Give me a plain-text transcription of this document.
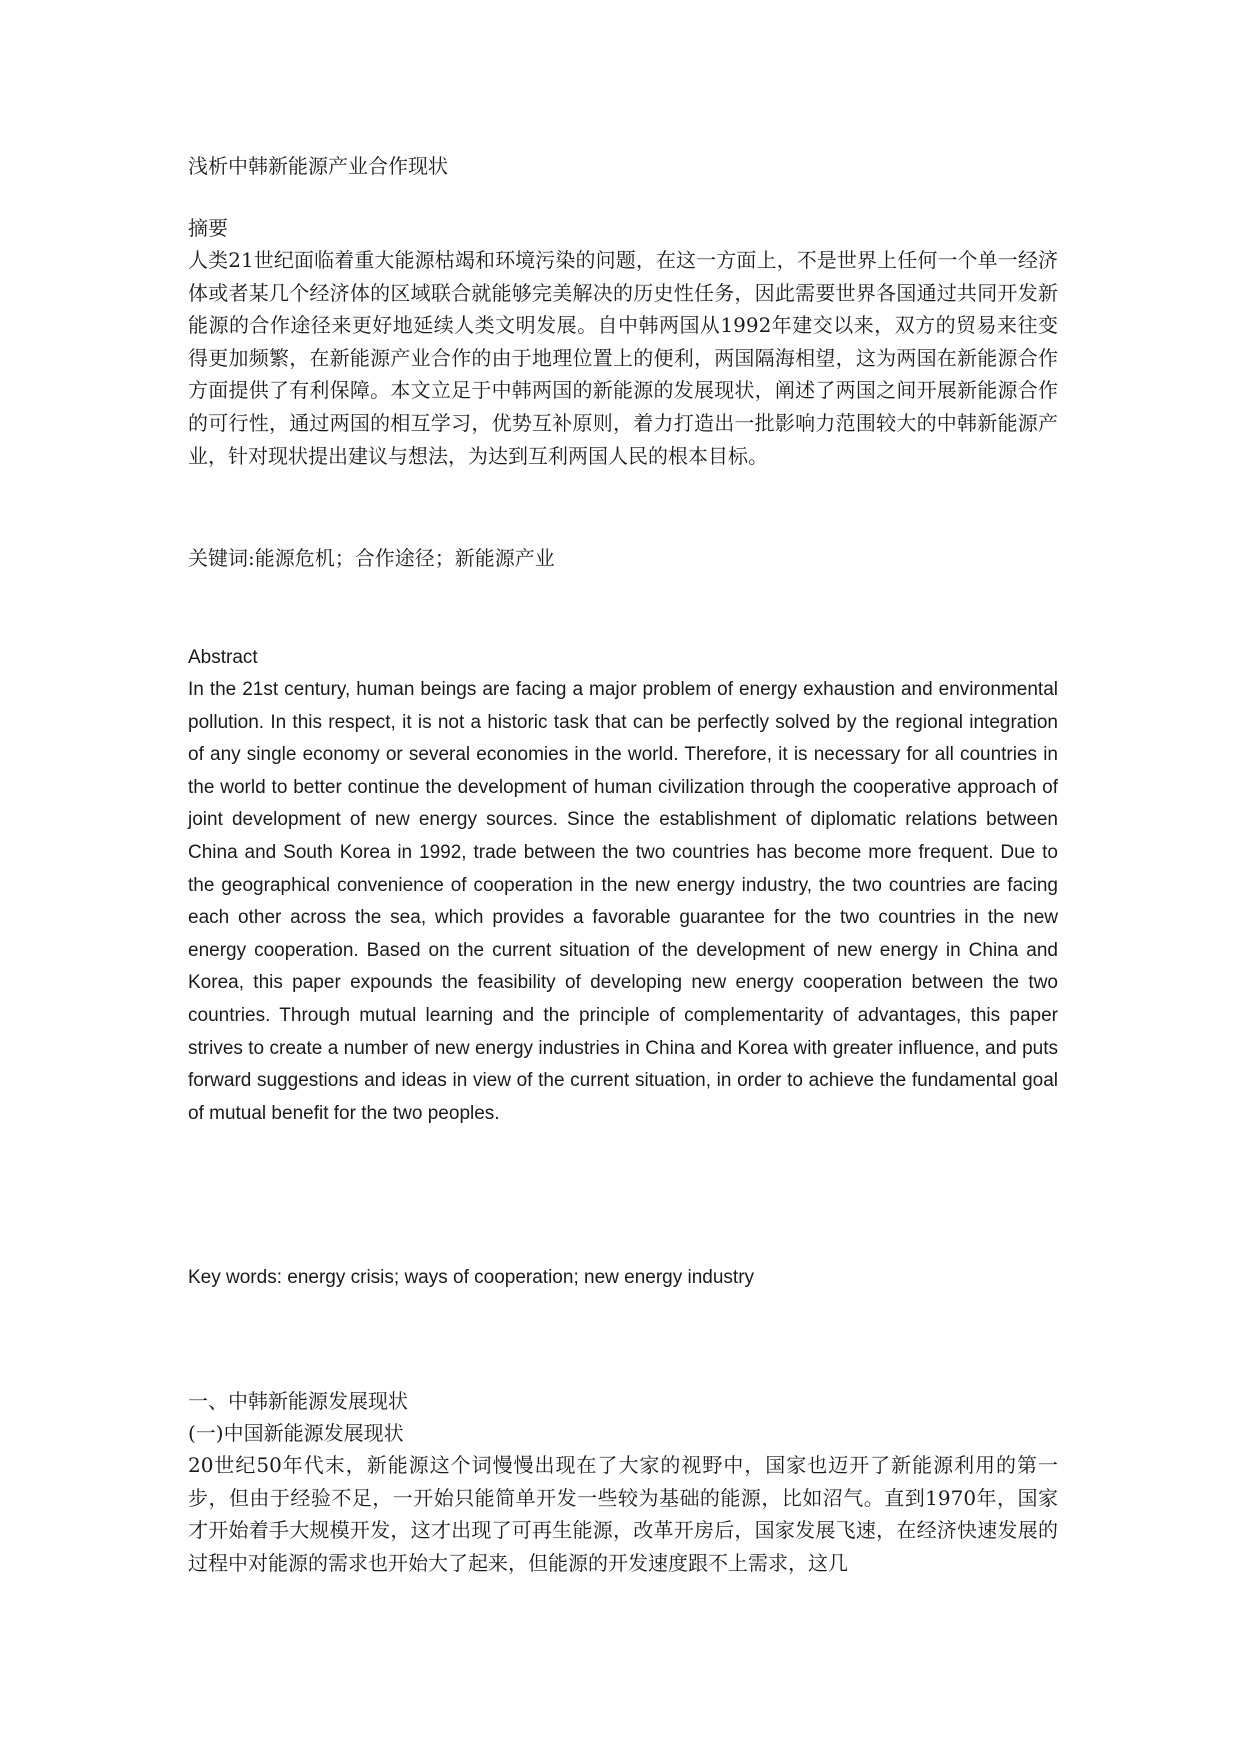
浅析中韩新能源产业合作现状
摘要
人类21世纪面临着重大能源枯竭和环境污染的问题，在这一方面上，不是世界上任何一个单一经济体或者某几个经济体的区域联合就能够完美解决的历史性任务，因此需要世界各国通过共同开发新能源的合作途径来更好地延续人类文明发展。自中韩两国从1992年建交以来，双方的贸易来往变得更加频繁，在新能源产业合作的由于地理位置上的便利，两国隔海相望，这为两国在新能源合作方面提供了有利保障。本文立足于中韩两国的新能源的发展现状，阐述了两国之间开展新能源合作的可行性，通过两国的相互学习，优势互补原则，着力打造出一批影响力范围较大的中韩新能源产业，针对现状提出建议与想法，为达到互利两国人民的根本目标。
关键词:能源危机；合作途径；新能源产业
Abstract
In the 21st century, human beings are facing a major problem of energy exhaustion and environmental pollution. In this respect, it is not a historic task that can be perfectly solved by the regional integration of any single economy or several economies in the world. Therefore, it is necessary for all countries in the world to better continue the development of human civilization through the cooperative approach of joint development of new energy sources. Since the establishment of diplomatic relations between China and South Korea in 1992, trade between the two countries has become more frequent. Due to the geographical convenience of cooperation in the new energy industry, the two countries are facing each other across the sea, which provides a favorable guarantee for the two countries in the new energy cooperation. Based on the current situation of the development of new energy in China and Korea, this paper expounds the feasibility of developing new energy cooperation between the two countries. Through mutual learning and the principle of complementarity of advantages, this paper strives to create a number of new energy industries in China and Korea with greater influence, and puts forward suggestions and ideas in view of the current situation, in order to achieve the fundamental goal of mutual benefit for the two peoples.
Key words: energy crisis; ways of cooperation; new energy industry
一、中韩新能源发展现状
(一)中国新能源发展现状
20世纪50年代末，新能源这个词慢慢出现在了大家的视野中，国家也迈开了新能源利用的第一步，但由于经验不足，一开始只能简单开发一些较为基础的能源，比如沼气。直到1970年，国家才开始着手大规模开发，这才出现了可再生能源，改革开房后，国家发展飞速，在经济快速发展的过程中对能源的需求也开始大了起来，但能源的开发速度跟不上需求，这几
